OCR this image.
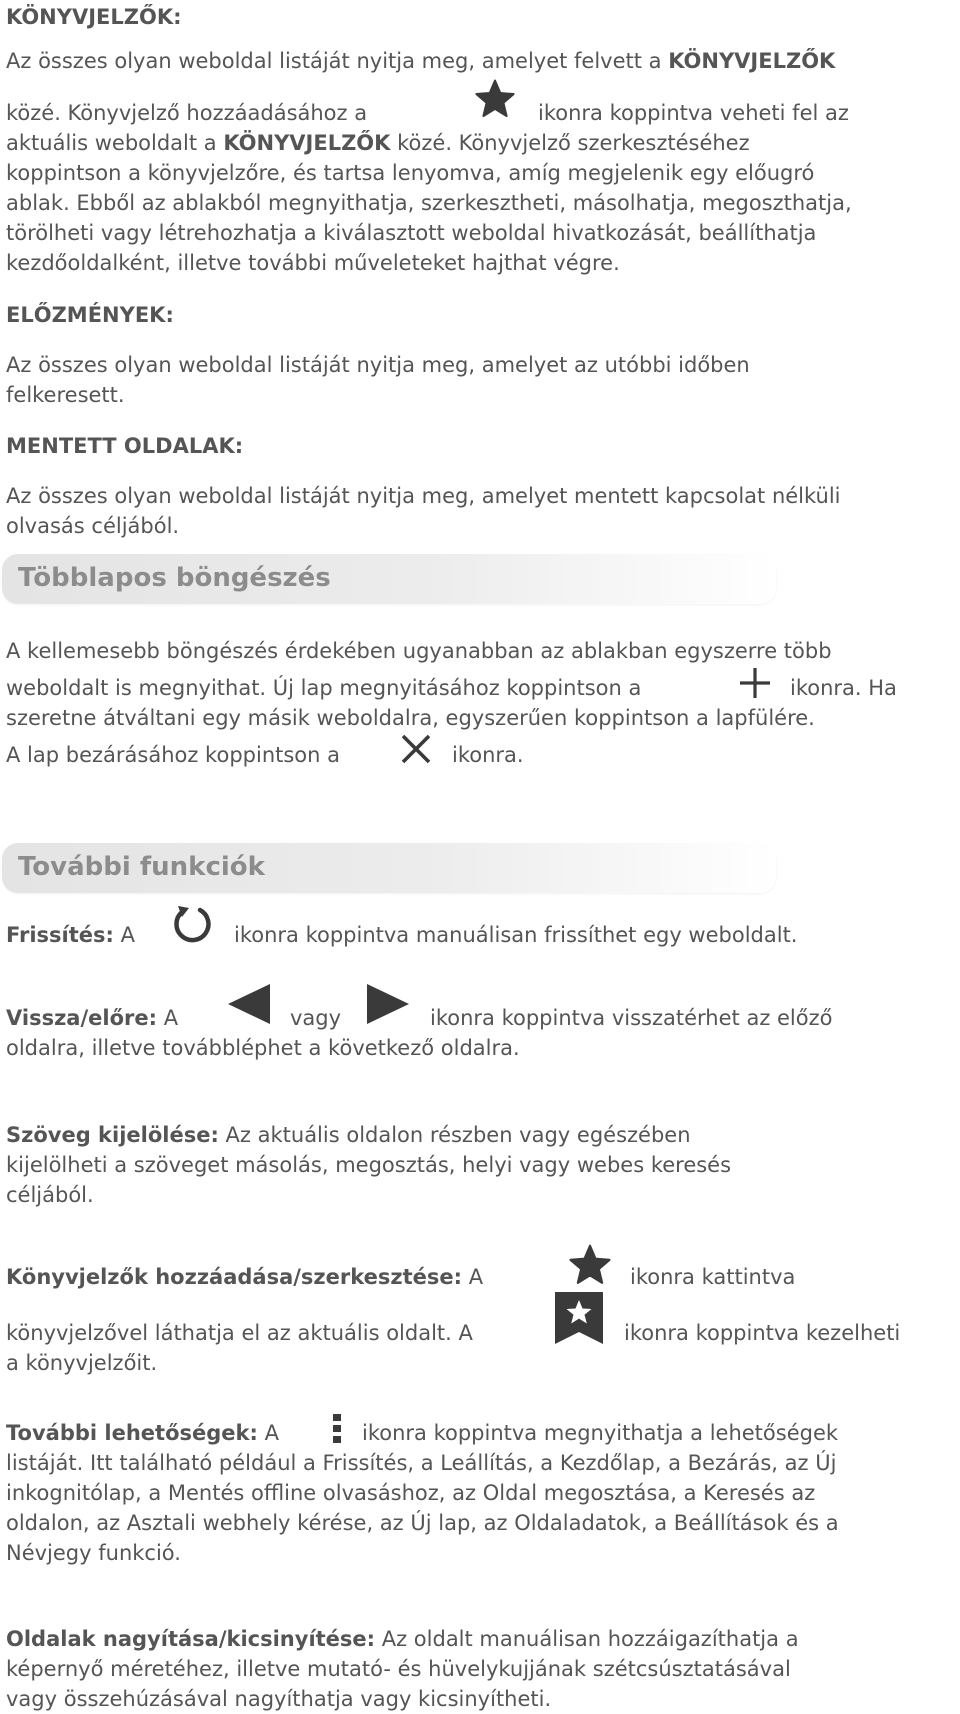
KÖNYVJELZŐK:
Az összes olyan weboldal listáját nyitja meg, amelyet felvett a KÖNYVJELZŐK
közé. Könyvjelző hozzáadásához a	ikonra koppintva veheti fel az
aktuális weboldalt a KÖNYVJELZŐK közé. Könyvjelző szerkesztéséhez
koppintson a könyvjelzőre, és tartsa lenyomva, amíg megjelenik egy előugró
ablak. Ebből az ablakból megnyithatja, szerkesztheti, másolhatja, megoszthatja,
törölheti vagy létrehozhatja a kiválasztott weboldal hivatkozását, beállíthatja
kezdőoldalként, illetve további műveleteket hajthat végre.
ELŐZMÉNYEK:
Az összes olyan weboldal listáját nyitja meg, amelyet az utóbbi időben
felkeresett.
MENTETT OLDALAK:
Az összes olyan weboldal listáját nyitja meg, amelyet mentett kapcsolat nélküli
olvasás céljából.
Többlapos böngészés
A kellemesebb böngészés érdekében ugyanabban az ablakban egyszerre több
weboldalt is megnyithat. Új lap megnyitásához koppintson a	ikonra. Ha
szeretne átváltani egy másik weboldalra, egyszerűen koppintson a lapfülére.
A lap bezárásához koppintson a	ikonra.
További funkciók
Frissítés: A	ikonra koppintva manuálisan frissíthet egy weboldalt.
Vissza/előre: A	vagy	ikonra koppintva visszatérhet az előző
oldalra, illetve továbbléphet a következő oldalra.
Szöveg kijelölése: Az aktuális oldalon részben vagy egészében
kijelölheti a szöveget másolás, megosztás, helyi vagy webes keresés
céljából.
Könyvjelzők hozzáadása/szerkesztése: A	ikonra kattintva
könyvjelzővel láthatja el az aktuális oldalt. A	ikonra koppintva kezelheti
a könyvjelzőit.
További lehetőségek: A	ikonra koppintva megnyithatja a lehetőségek
listáját. Itt található például a Frissítés, a Leállítás, a Kezdőlap, a Bezárás, az Új
inkognitólap, a Mentés offline olvasáshoz, az Oldal megosztása, a Keresés az
oldalon, az Asztali webhely kérése, az Új lap, az Oldaladatok, a Beállítások és a
Névjegy funkció.
Oldalak nagyítása/kicsinyítése: Az oldalt manuálisan hozzáigazíthatja a
képernyő méretéhez, illetve mutató- és hüvelykujjának szétcsúsztatásával
vagy összehúzásával nagyíthatja vagy kicsinyítheti.
